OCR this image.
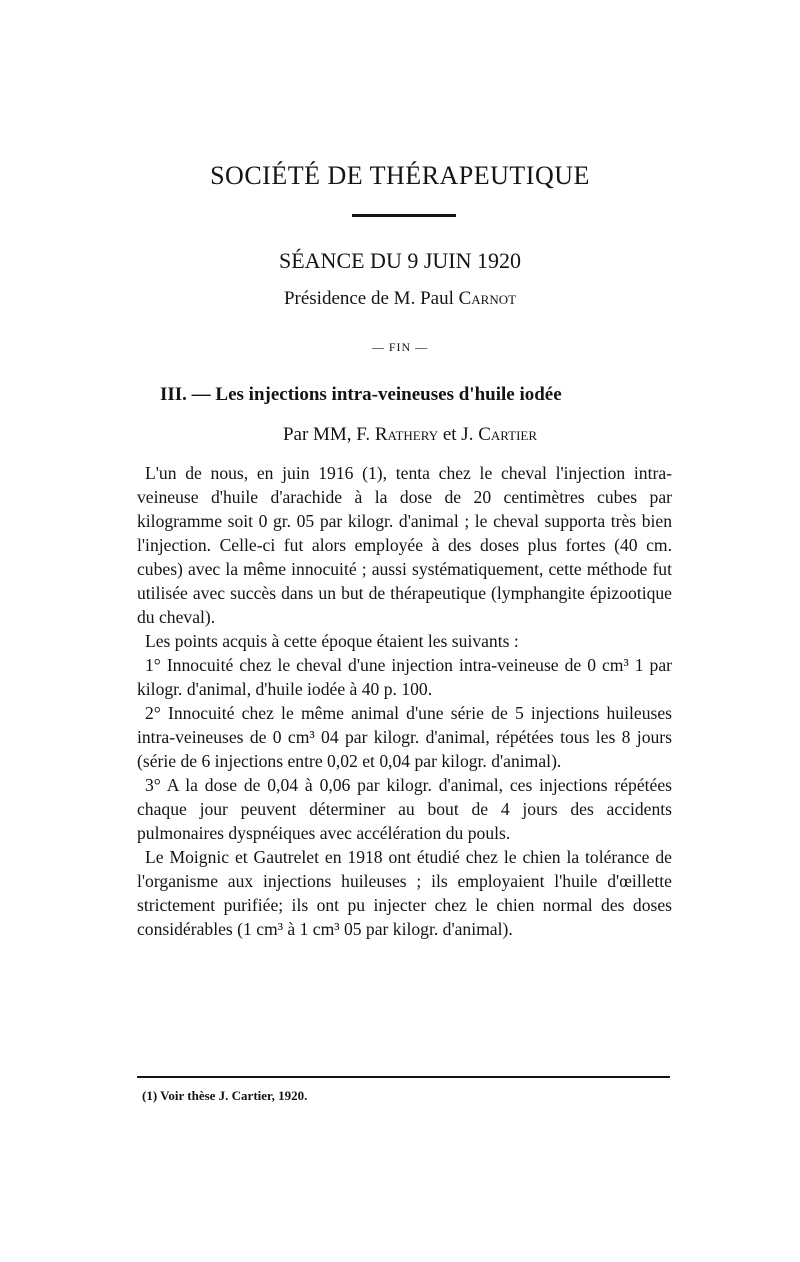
SOCIÉTÉ DE THÉRAPEUTIQUE
SÉANCE DU 9 JUIN 1920
Présidence de M. Paul Carnot
— FIN —
III. — Les injections intra-veineuses d'huile iodée
Par MM, F. Rathery et J. Cartier

L'un de nous, en juin 1916 (1), tenta chez le cheval l'injection intra-veineuse d'huile d'arachide à la dose de 20 centimètres cubes par kilogramme soit 0 gr. 05 par kilogr. d'animal ; le cheval supporta très bien l'injection. Celle-ci fut alors employée à des doses plus fortes (40 cm. cubes) avec la même innocuité ; aussi systématiquement, cette méthode fut utilisée avec succès dans un but de thérapeutique (lymphangite épizootique du cheval).

Les points acquis à cette époque étaient les suivants :

1° Innocuité chez le cheval d'une injection intra-veineuse de 0 cm³ 1 par kilogr. d'animal, d'huile iodée à 40 p. 100.

2° Innocuité chez le même animal d'une série de 5 injections huileuses intra-veineuses de 0 cm³ 04 par kilogr. d'animal, répétées tous les 8 jours (série de 6 injections entre 0,02 et 0,04 par kilogr. d'animal).

3° A la dose de 0,04 à 0,06 par kilogr. d'animal, ces injections répétées chaque jour peuvent déterminer au bout de 4 jours des accidents pulmonaires dyspnéiques avec accélération du pouls.

Le Moignic et Gautrelet en 1918 ont étudié chez le chien la tolérance de l'organisme aux injections huileuses ; ils employaient l'huile d'œillette strictement purifiée; ils ont pu injecter chez le chien normal des doses considérables (1 cm³ à 1 cm³ 05 par kilogr. d'animal).

(1) Voir thèse J. Cartier, 1920.
